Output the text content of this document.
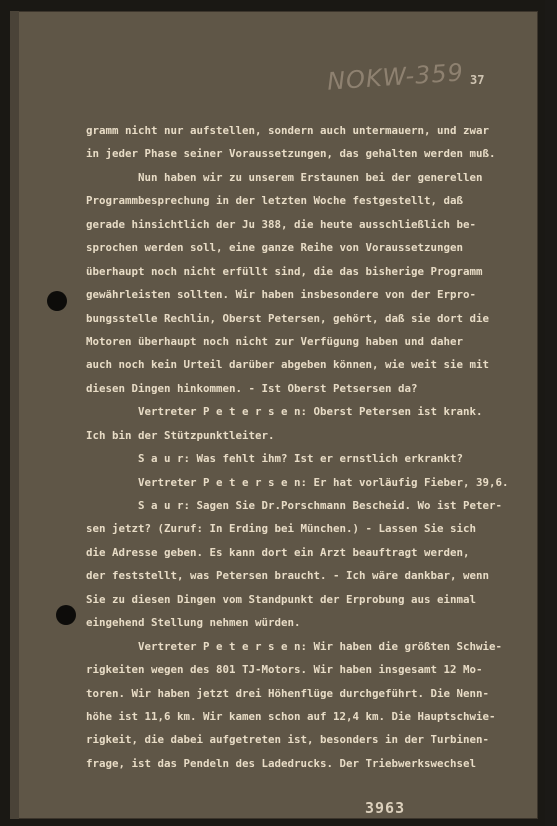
NOKW-359 37
gramm nicht nur aufstellen, sondern auch untermauern, und zwar
in jeder Phase seiner Voraussetzungen, das gehalten werden muß.
Nun haben wir zu unserem Erstaunen bei der generellen
Programmbesprechung in der letzten Woche festgestellt, daß
gerade hinsichtlich der Ju 388, die heute ausschließlich be-
sprochen werden soll, eine ganze Reihe von Voraussetzungen
überhaupt noch nicht erfüllt sind, die das bisherige Programm
gewährleisten sollten. Wir haben insbesondere von der Erpro-
bungsstelle Rechlin, Oberst Petersen, gehört, daß sie dort die
Motoren überhaupt noch nicht zur Verfügung haben und daher
auch noch kein Urteil darüber abgeben können, wie weit sie mit
diesen Dingen hinkommen. - Ist Oberst Petsersen da?
Vertreter P e t e r s e n: Oberst Petersen ist krank.
Ich bin der Stützpunktleiter.
S a u r: Was fehlt ihm? Ist er ernstlich erkrankt?
Vertreter P e t e r s e n: Er hat vorläufig Fieber, 39,6.
S a u r: Sagen Sie Dr.Porschmann Bescheid. Wo ist Peter-
sen jetzt? (Zuruf: In Erding bei München.) - Lassen Sie sich
die Adresse geben. Es kann dort ein Arzt beauftragt werden,
der feststellt, was Petersen braucht. - Ich wäre dankbar, wenn
Sie zu diesen Dingen vom Standpunkt der Erprobung aus einmal
eingehend Stellung nehmen würden.
Vertreter P e t e r s e n: Wir haben die größten Schwie-
rigkeiten wegen des 801 TJ-Motors. Wir haben insgesamt 12 Mo-
toren. Wir haben jetzt drei Höhenflüge durchgeführt. Die Nenn-
höhe ist 11,6 km. Wir kamen schon auf 12,4 km. Die Hauptschwie-
rigkeit, die dabei aufgetreten ist, besonders in der Turbinen-
frage, ist das Pendeln des Ladedrucks. Der Triebwerkswechsel
3963
